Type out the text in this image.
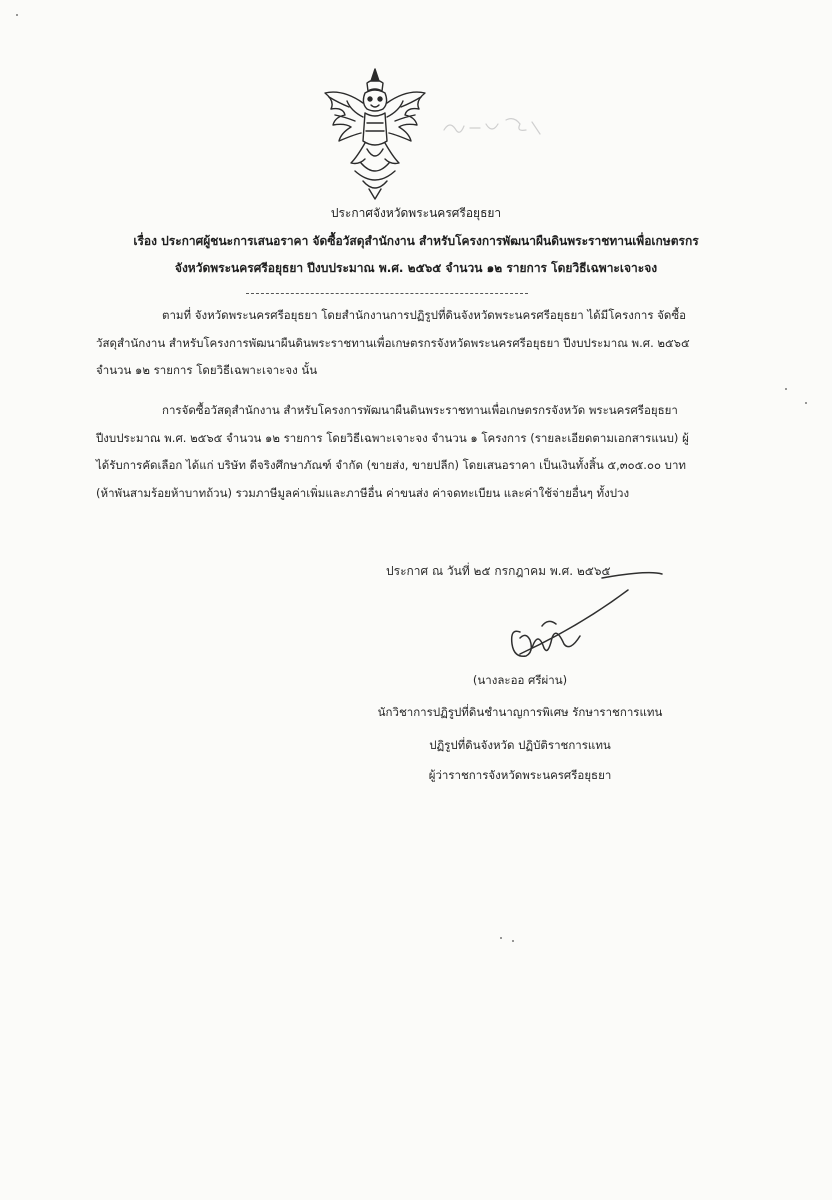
ประกาศจังหวัดพระนครศรีอยุธยา
เรื่อง ประกาศผู้ชนะการเสนอราคา จัดซื้อวัสดุสำนักงาน สำหรับโครงการพัฒนาผืนดินพระราชทานเพื่อเกษตรกร
จังหวัดพระนครศรีอยุธยา ปีงบประมาณ พ.ศ. ๒๕๖๕ จำนวน ๑๒ รายการ โดยวิธีเฉพาะเจาะจง

ตามที่ จังหวัดพระนครศรีอยุธยา โดยสำนักงานการปฏิรูปที่ดินจังหวัดพระนครศรีอยุธยา ได้มีโครงการ จัดซื้อวัสดุสำนักงาน สำหรับโครงการพัฒนาผืนดินพระราชทานเพื่อเกษตรกรจังหวัดพระนครศรีอยุธยา ปีงบประมาณ พ.ศ. ๒๕๖๕ จำนวน ๑๒ รายการ โดยวิธีเฉพาะเจาะจง นั้น

การจัดซื้อวัสดุสำนักงาน สำหรับโครงการพัฒนาผืนดินพระราชทานเพื่อเกษตรกรจังหวัด พระนครศรีอยุธยา ปีงบประมาณ พ.ศ. ๒๕๖๕ จำนวน ๑๒ รายการ โดยวิธีเฉพาะเจาะจง จำนวน ๑ โครงการ (รายละเอียดตามเอกสารแนบ) ผู้ได้รับการคัดเลือก ได้แก่ บริษัท ดีจริงศึกษาภัณฑ์ จำกัด (ขายส่ง, ขายปลีก) โดยเสนอราคา เป็นเงินทั้งสิ้น ๕,๓๐๕.๐๐ บาท (ห้าพันสามร้อยห้าบาทถ้วน) รวมภาษีมูลค่าเพิ่มและภาษีอื่น ค่าขนส่ง ค่าจดทะเบียน และค่าใช้จ่ายอื่นๆ ทั้งปวง

ประกาศ ณ วันที่ ๒๕ กรกฎาคม พ.ศ. ๒๕๖๕
(นางละออ ศรีผ่าน)
นักวิชาการปฏิรูปที่ดินชำนาญการพิเศษ รักษาราชการแทน
ปฏิรูปที่ดินจังหวัด ปฏิบัติราชการแทน
ผู้ว่าราชการจังหวัดพระนครศรีอยุธยา
